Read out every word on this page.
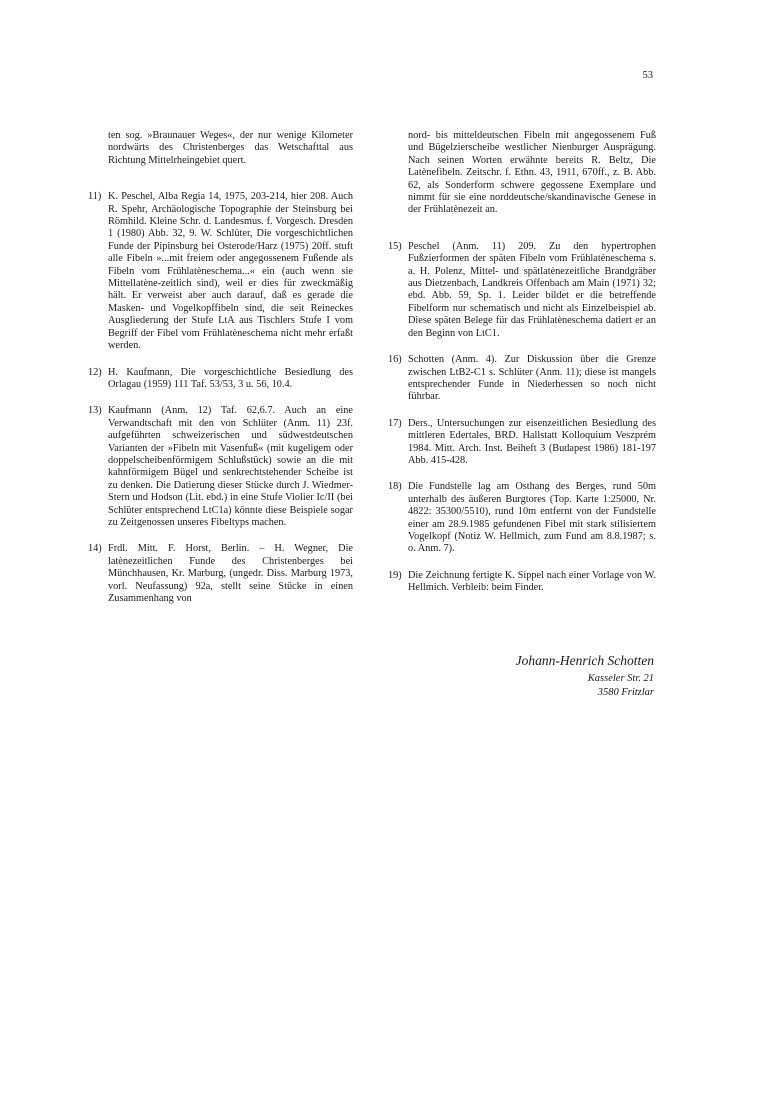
53

ten sog. »Braunauer Weges«, der nur wenige Kilometer nordwärts des Christenberges das Wetschafttal aus Richtung Mittelrheingebiet quert.

11) K. Peschel, Alba Regia 14, 1975, 203-214, hier 208. Auch R. Spehr, Archäologische Topographie der Steinsburg bei Römhild. Kleine Schr. d. Landesmus. f. Vorgesch. Dresden 1 (1980) Abb. 32, 9. W. Schlüter, Die vorgeschichtlichen Funde der Pipinsburg bei Osterode/Harz (1975) 20ff. stuft alle Fibeln »...mit freiem oder angegossenem Fußende als Fibeln vom Frühlatèneschema...« ein (auch wenn sie Mittellatène-zeitlich sind), weil er dies für zweckmäßig hält. Er verweist aber auch darauf, daß es gerade die Masken- und Vogelkopffibeln sind, die seit Reineckes Ausgliederung der Stufe LtA aus Tischlers Stufe I vom Begriff der Fibel vom Frühlatèneschema nicht mehr erfaßt werden.
12) H. Kaufmann, Die vorgeschichtliche Besiedlung des Orlagau (1959) 111 Taf. 53/53, 3 u. 56, 10.4.
13) Kaufmann (Anm. 12) Taf. 62,6.7. Auch an eine Verwandtschaft mit den von Schlüter (Anm. 11) 23f. aufgeführten schweizerischen und südwestdeutschen Varianten der »Fibeln mit Vasenfuß« (mit kugeligem oder doppelscheibenförmigem Schlußstück) sowie an die mit kahnförmigem Bügel und senkrechtstehender Scheibe ist zu denken. Die Datierung dieser Stücke durch J. Wiedmer-Stern und Hodson (Lit. ebd.) in eine Stufe Violier Ic/II (bei Schlüter entsprechend LtC1a) könnte diese Beispiele sogar zu Zeitgenossen unseres Fibeltyps machen.
14) Frdl. Mitt. F. Horst, Berlin. – H. Wegner, Die latènezeitlichen Funde des Christenberges bei Münchhausen, Kr. Marburg, (ungedr. Diss. Marburg 1973, vorl. Neufassung) 92a, stellt seine Stücke in einen Zusammenhang von

nord- bis mitteldeutschen Fibeln mit angegossenem Fuß und Bügelzierscheibe westlicher Nienburger Ausprägung. Nach seinen Worten erwähnte bereits R. Beltz, Die Latènefibeln. Zeitschr. f. Ethn. 43, 1911, 670ff., z. B. Abb. 62, als Sonderform schwere gegossene Exemplare und nimmt für sie eine norddeutsche/skandinavische Genese in der Frühlatènezeit an.

15) Peschel (Anm. 11) 209. Zu den hypertrophen Fußzierformen der späten Fibeln vom Frühlatèneschema s. a. H. Polenz, Mittel- und spätlatènezeitliche Brandgräber aus Dietzenbach, Landkreis Offenbach am Main (1971) 32; ebd. Abb. 59, Sp. 1. Leider bildet er die betreffende Fibelform nur schematisch und nicht als Einzelbeispiel ab. Diese späten Belege für das Frühlatèneschema datiert er an den Beginn von LtC1.
16) Schotten (Anm. 4). Zur Diskussion über die Grenze zwischen LtB2-C1 s. Schlüter (Anm. 11); diese ist mangels entsprechender Funde in Niederhessen so noch nicht führbar.
17) Ders., Untersuchungen zur eisenzeitlichen Besiedlung des mittleren Edertales, BRD. Hallstatt Kolloquium Veszprém 1984. Mitt. Arch. Inst. Beiheft 3 (Budapest 1986) 181-197 Abb. 415-428.
18) Die Fundstelle lag am Osthang des Berges, rund 50m unterhalb des äußeren Burgtores (Top. Karte 1:25000, Nr. 4822: 35300/5510), rund 10m entfernt von der Fundstelle einer am 28.9.1985 gefundenen Fibel mit stark stilisiertem Vogelkopf (Notiz W. Hellmich, zum Fund am 8.8.1987; s. o. Anm. 7).
19) Die Zeichnung fertigte K. Sippel nach einer Vorlage von W. Hellmich. Verbleib: beim Finder.
Johann-Henrich Schotten
Kasseler Str. 21
3580 Fritzlar
